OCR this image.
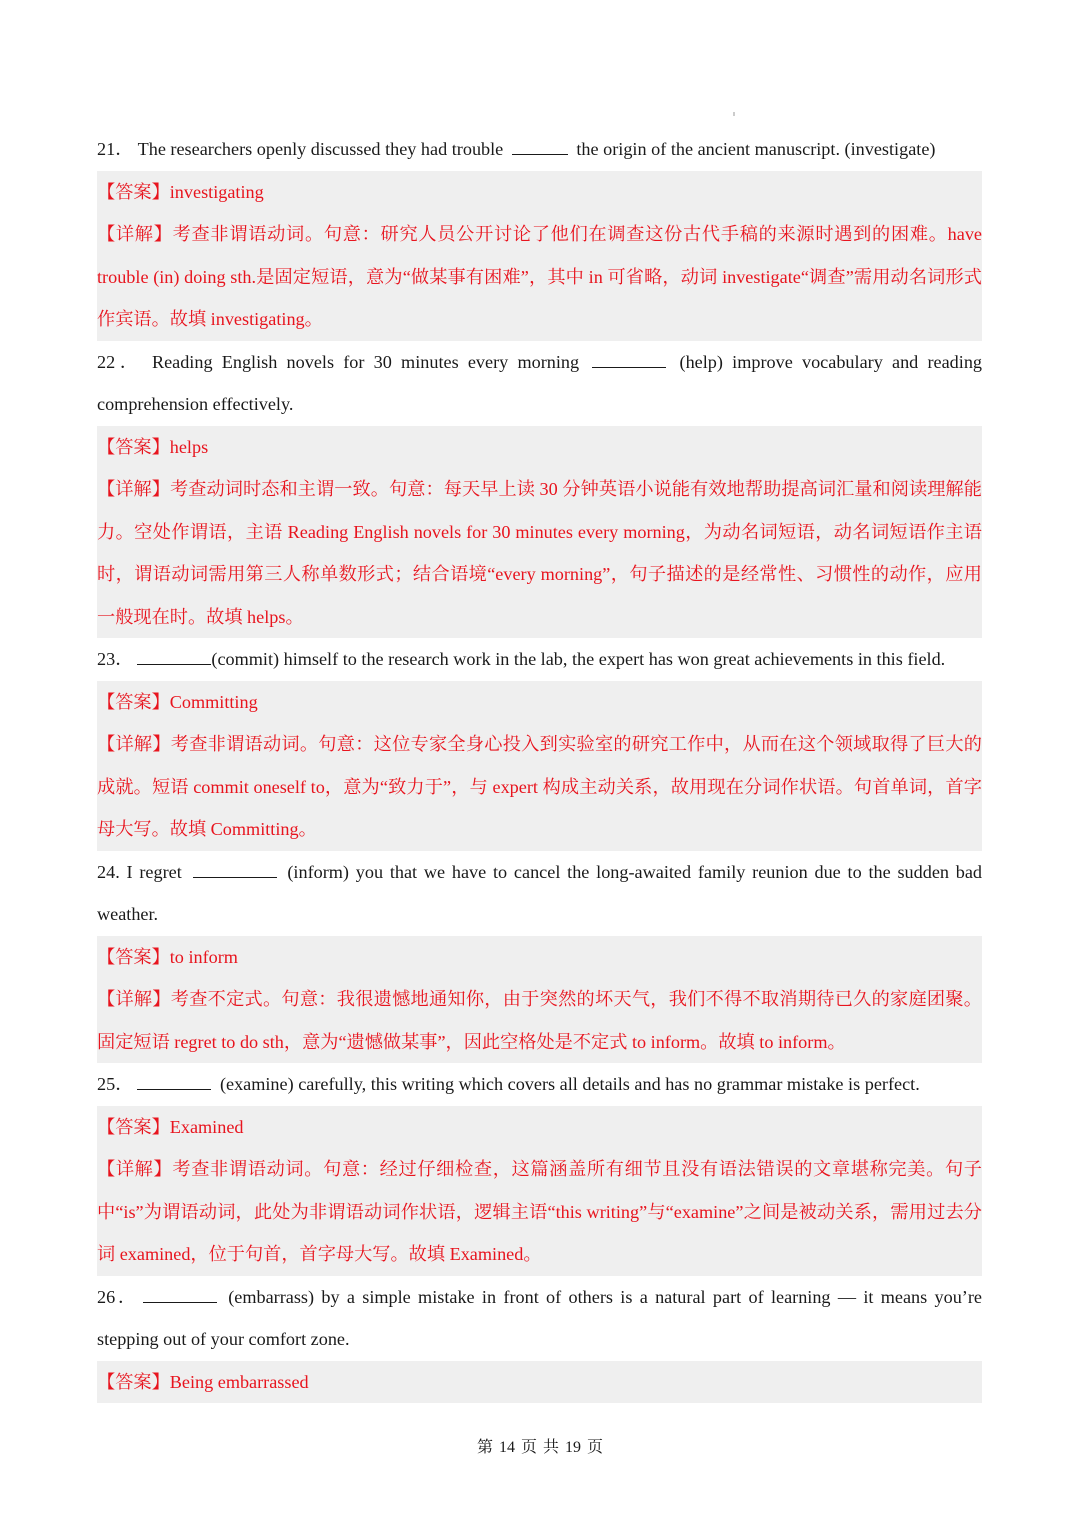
21． The researchers openly discussed they had trouble	the origin of the ancient manuscript. (investigate)

【答案】investigating

【详解】考查非谓语动词。句意：研究人员公开讨论了他们在调查这份古代手稿的来源时遇到的困难。have trouble (in) doing sth.是固定短语，意为“做某事有困难”，其中 in 可省略，动词 investigate“调查”需用动名词形式作宾语。故填 investigating。

22． Reading English novels for 30 minutes every morning	(help) improve vocabulary and reading comprehension effectively.

【答案】helps

【详解】考查动词时态和主谓一致。句意：每天早上读 30 分钟英语小说能有效地帮助提高词汇量和阅读理解能力。空处作谓语，主语 Reading English novels for 30 minutes every morning，为动名词短语，动名词短语作主语时，谓语动词需用第三人称单数形式；结合语境“every morning”，句子描述的是经常性、习惯性的动作，应用一般现在时。故填 helps。

23．	(commit) himself to the research work in the lab, the expert has won great achievements in this field.

【答案】Committing

【详解】考查非谓语动词。句意：这位专家全身心投入到实验室的研究工作中，从而在这个领域取得了巨大的成就。短语 commit oneself to，意为“致力于”，与 expert 构成主动关系，故用现在分词作状语。句首单词，首字母大写。故填 Committing。

24. I regret	(inform) you that we have to cancel the long-awaited family reunion due to the sudden bad weather.

【答案】to inform

【详解】考查不定式。句意：我很遗憾地通知你，由于突然的坏天气，我们不得不取消期待已久的家庭团聚。固定短语 regret to do sth，意为“遗憾做某事”，因此空格处是不定式 to inform。故填 to inform。

25．	(examine) carefully, this writing which covers all details and has no grammar mistake is perfect.

【答案】Examined

【详解】考查非谓语动词。句意：经过仔细检查，这篇涵盖所有细节且没有语法错误的文章堪称完美。句子中“is”为谓语动词，此处为非谓语动词作状语，逻辑主语“this writing”与“examine”之间是被动关系，需用过去分词 examined，位于句首，首字母大写。故填 Examined。

26．	(embarrass) by a simple mistake in front of others is a natural part of learning — it means you’re stepping out of your comfort zone.

【答案】Being embarrassed

第 14 页 共 19 页
